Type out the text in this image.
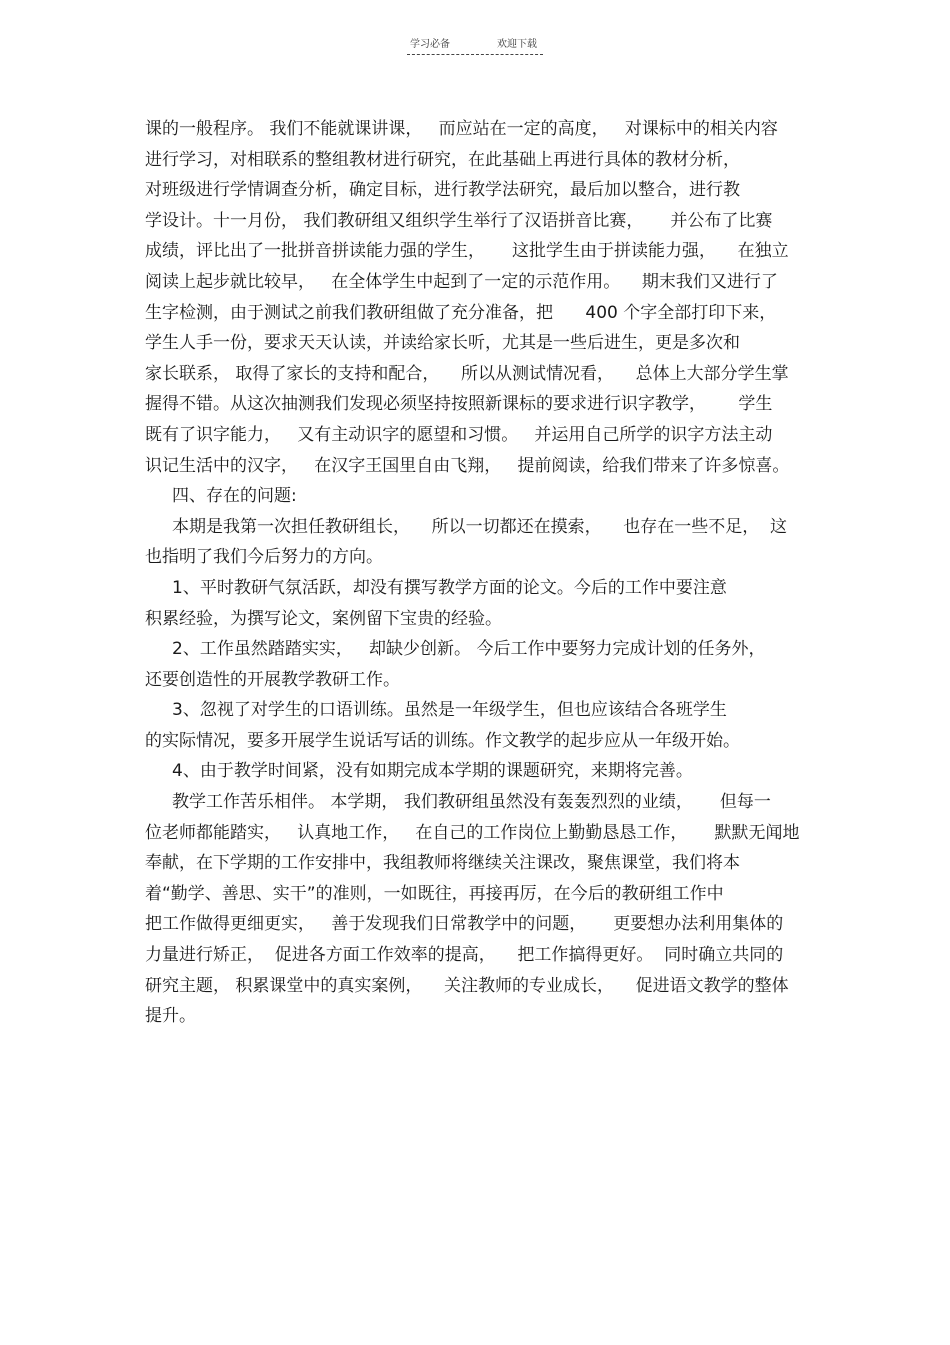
学习必备	欢迎下载
课的一般程序。 我们不能就课讲课，   而应站在一定的高度，   对课标中的相关内容
进行学习，对相联系的整组教材进行研究，在此基础上再进行具体的教材分析，
对班级进行学情调查分析，确定目标，进行教学法研究，最后加以整合，进行教
学设计。十一月份， 我们教研组又组织学生举行了汉语拼音比赛，     并公布了比赛
成绩，评比出了一批拼音拼读能力强的学生，     这批学生由于拼读能力强，    在独立
阅读上起步就比较早，   在全体学生中起到了一定的示范作用。    期末我们又进行了
生字检测，由于测试之前我们教研组做了充分准备，把      400 个字全部打印下来，
学生人手一份，要求天天认读，并读给家长听，尤其是一些后进生，更是多次和
家长联系， 取得了家长的支持和配合，    所以从测试情况看，    总体上大部分学生掌
握得不错。从这次抽测我们发现必须坚持按照新课标的要求进行识字教学，      学生
既有了识字能力，   又有主动识字的愿望和习惯。   并运用自己所学的识字方法主动
识记生活中的汉字，   在汉字王国里自由飞翔，   提前阅读，给我们带来了许多惊喜。
四、存在的问题:
本期是我第一次担任教研组长，    所以一切都还在摸索，    也存在一些不足，  这
也指明了我们今后努力的方向。
1、平时教研气氛活跃，却没有撰写教学方面的论文。今后的工作中要注意
积累经验，为撰写论文，案例留下宝贵的经验。
2、工作虽然踏踏实实，   却缺少创新。 今后工作中要努力完成计划的任务外，
还要创造性的开展教学教研工作。
3、忽视了对学生的口语训练。虽然是一年级学生，但也应该结合各班学生
的实际情况，要多开展学生说话写话的训练。作文教学的起步应从一年级开始。
4、由于教学时间紧，没有如期完成本学期的课题研究，来期将完善。
教学工作苦乐相伴。 本学期， 我们教研组虽然没有轰轰烈烈的业绩，     但每一
位老师都能踏实，   认真地工作，   在自己的工作岗位上勤勤恳恳工作，     默默无闻地
奉献，在下学期的工作安排中，我组教师将继续关注课改，聚焦课堂，我们将本
着“勤学、善思、实干”的准则，一如既往，再接再厉，在今后的教研组工作中
把工作做得更细更实，   善于发现我们日常教学中的问题，     更要想办法利用集体的
力量进行矫正，  促进各方面工作效率的提高，    把工作搞得更好。  同时确立共同的
研究主题， 积累课堂中的真实案例，    关注教师的专业成长，    促进语文教学的整体
提升。
